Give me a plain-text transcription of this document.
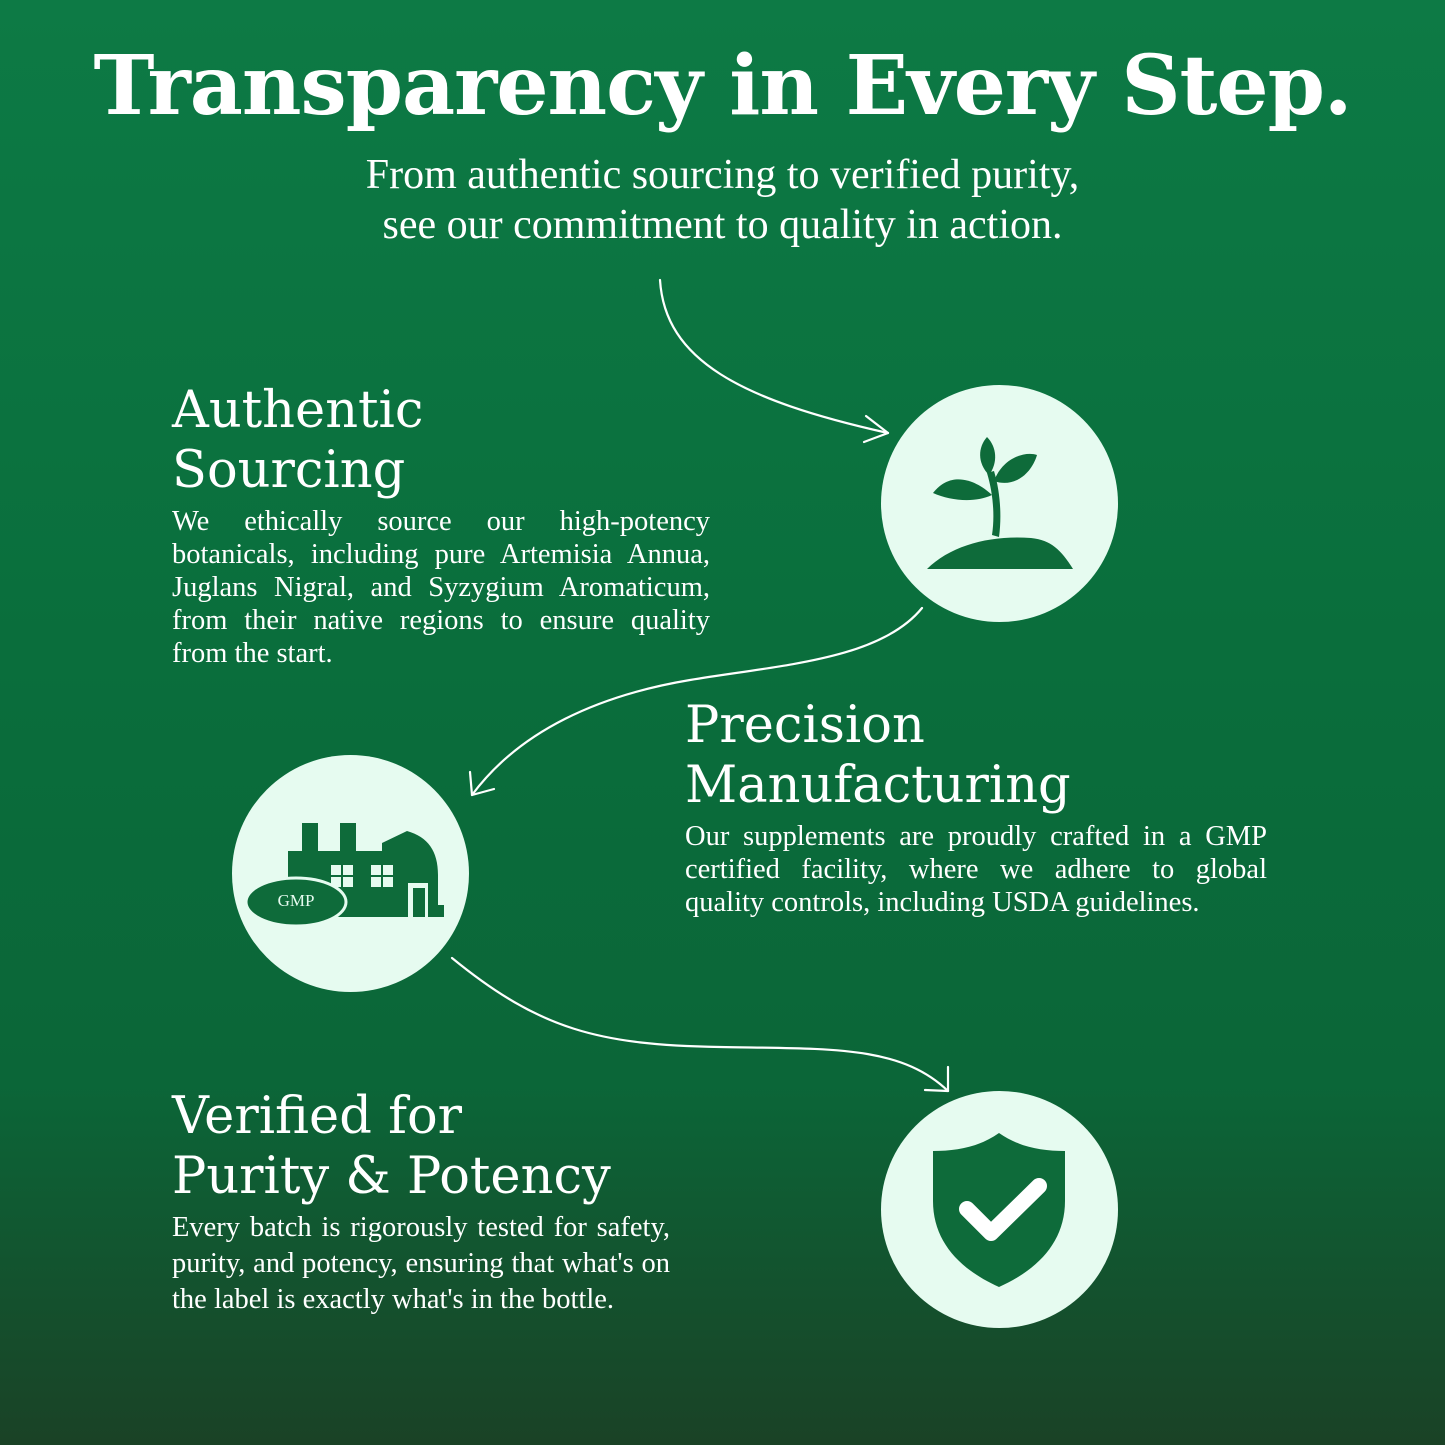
Transparency in Every Step.
From authentic sourcing to verified purity,
see our commitment to quality in action.
Authentic
Sourcing

We ethically source our high-potency botanicals, including pure Artemisia Annua, Juglans Nigral, and Syzygium Aromaticum, from their native regions to ensure quality from the start.

Precision
Manufacturing

Our supplements are proudly crafted in a GMP certified facility, where we adhere to global quality controls, including USDA guidelines.

GMP
Verified for
Purity & Potency

Every batch is rigorously tested for safety, purity, and potency, ensuring that what's on the label is exactly what's in the bottle.
